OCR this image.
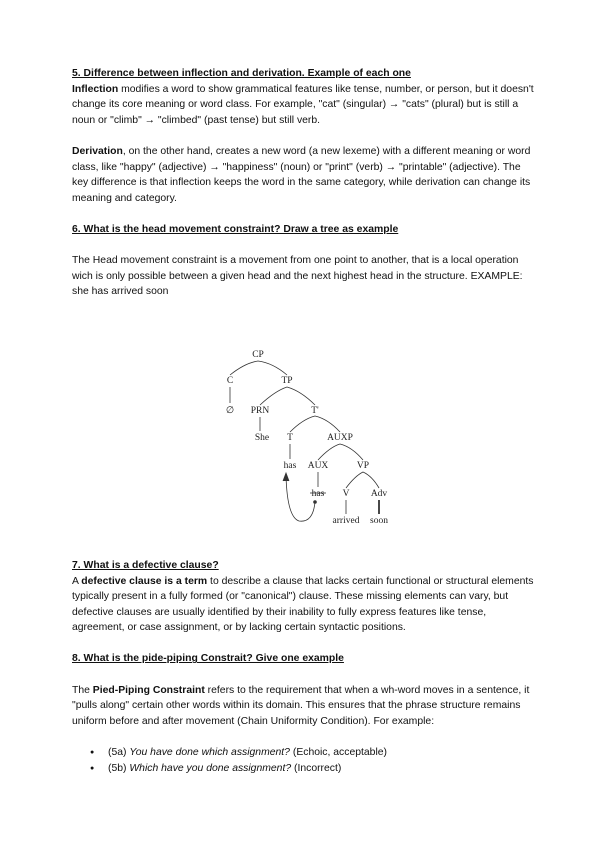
5. Difference between inflection and derivation. Example of each one

Inflection modifies a word to show grammatical features like tense, number, or person, but it doesn't change its core meaning or word class. For example, "cat" (singular) → "cats" (plural) but is still a noun or "climb" → "climbed" (past tense) but still verb.

Derivation, on the other hand, creates a new word (a new lexeme) with a different meaning or word class, like "happy" (adjective) → "happiness" (noun) or "print" (verb) → "printable" (adjective). The key difference is that inflection keeps the word in the same category, while derivation can change its meaning and category.

6. What is the head movement constraint? Draw a tree as example

The Head movement constraint is a movement from one point to another, that is a local operation wich is only possible between a given head and the next highest head in the structure. EXAMPLE: she has arrived soon

7. What is a defective clause?

A defective clause is a term to describe a clause that lacks certain functional or structural elements typically present in a fully formed (or "canonical") clause. These missing elements can vary, but defective clauses are usually identified by their inability to fully express features like tense, agreement, or case assignment, or by lacking certain syntactic positions.

8. What is the pide-piping Constrait? Give one example

The Pied-Piping Constraint refers to the requirement that when a wh-word moves in a sentence, it "pulls along" certain other words within its domain. This ensures that the phrase structure remains uniform before and after movement (Chain Uniformity Condition). For example:

● (5a) You have done which assignment? (Echoic, acceptable)
● (5b) Which have you done assignment? (Incorrect)
CP
C	TP
∅ PRN	T'
She T	AUXP
has AUX	VP
has V Adv
arrived soon
